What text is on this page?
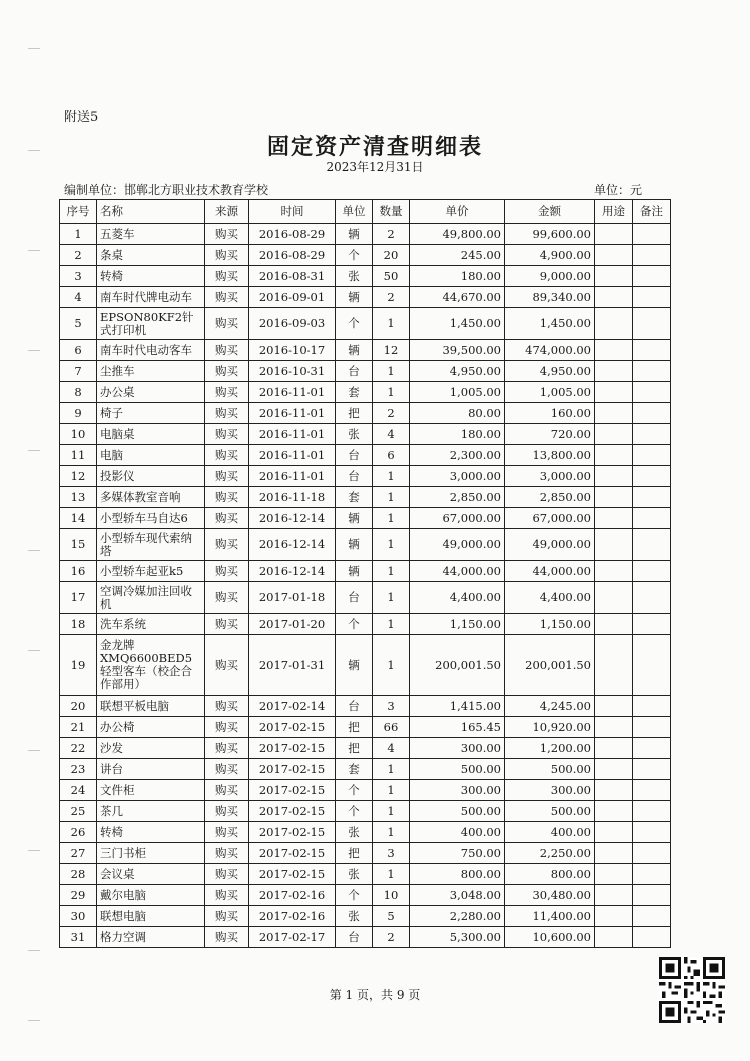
附送5
固定资产清查明细表
2023年12月31日
编制单位：邯郸北方职业技术教育学校	单位：元
序号	名称	来源	时间	单位	数量	单价	金额	用途	备注
1	五菱车	购买	2016-08-29	辆	2	49,800.00	99,600.00		
2	条桌	购买	2016-08-29	个	20	245.00	4,900.00		
3	转椅	购买	2016-08-31	张	50	180.00	9,000.00		
4	南车时代牌电动车	购买	2016-09-01	辆	2	44,670.00	89,340.00		
5	EPSON80KF2针式打印机	购买	2016-09-03	个	1	1,450.00	1,450.00		
6	南车时代电动客车	购买	2016-10-17	辆	12	39,500.00	474,000.00		
7	尘推车	购买	2016-10-31	台	1	4,950.00	4,950.00		
8	办公桌	购买	2016-11-01	套	1	1,005.00	1,005.00		
9	椅子	购买	2016-11-01	把	2	80.00	160.00		
10	电脑桌	购买	2016-11-01	张	4	180.00	720.00		
11	电脑	购买	2016-11-01	台	6	2,300.00	13,800.00		
12	投影仪	购买	2016-11-01	台	1	3,000.00	3,000.00		
13	多媒体教室音响	购买	2016-11-18	套	1	2,850.00	2,850.00		
14	小型轿车马自达6	购买	2016-12-14	辆	1	67,000.00	67,000.00		
15	小型轿车现代索纳塔	购买	2016-12-14	辆	1	49,000.00	49,000.00		
16	小型轿车起亚k5	购买	2016-12-14	辆	1	44,000.00	44,000.00		
17	空调冷媒加注回收机	购买	2017-01-18	台	1	4,400.00	4,400.00		
18	洗车系统	购买	2017-01-20	个	1	1,150.00	1,150.00		
19	金龙牌XMQ6600BED5轻型客车（校企合作部用）	购买	2017-01-31	辆	1	200,001.50	200,001.50		
20	联想平板电脑	购买	2017-02-14	台	3	1,415.00	4,245.00		
21	办公椅	购买	2017-02-15	把	66	165.45	10,920.00		
22	沙发	购买	2017-02-15	把	4	300.00	1,200.00		
23	讲台	购买	2017-02-15	套	1	500.00	500.00		
24	文件柜	购买	2017-02-15	个	1	300.00	300.00		
25	茶几	购买	2017-02-15	个	1	500.00	500.00		
26	转椅	购买	2017-02-15	张	1	400.00	400.00		
27	三门书柜	购买	2017-02-15	把	3	750.00	2,250.00		
28	会议桌	购买	2017-02-15	张	1	800.00	800.00		
29	戴尔电脑	购买	2017-02-16	个	10	3,048.00	30,480.00		
30	联想电脑	购买	2017-02-16	张	5	2,280.00	11,400.00		
31	格力空调	购买	2017-02-17	台	2	5,300.00	10,600.00		
第 1 页，共 9 页
